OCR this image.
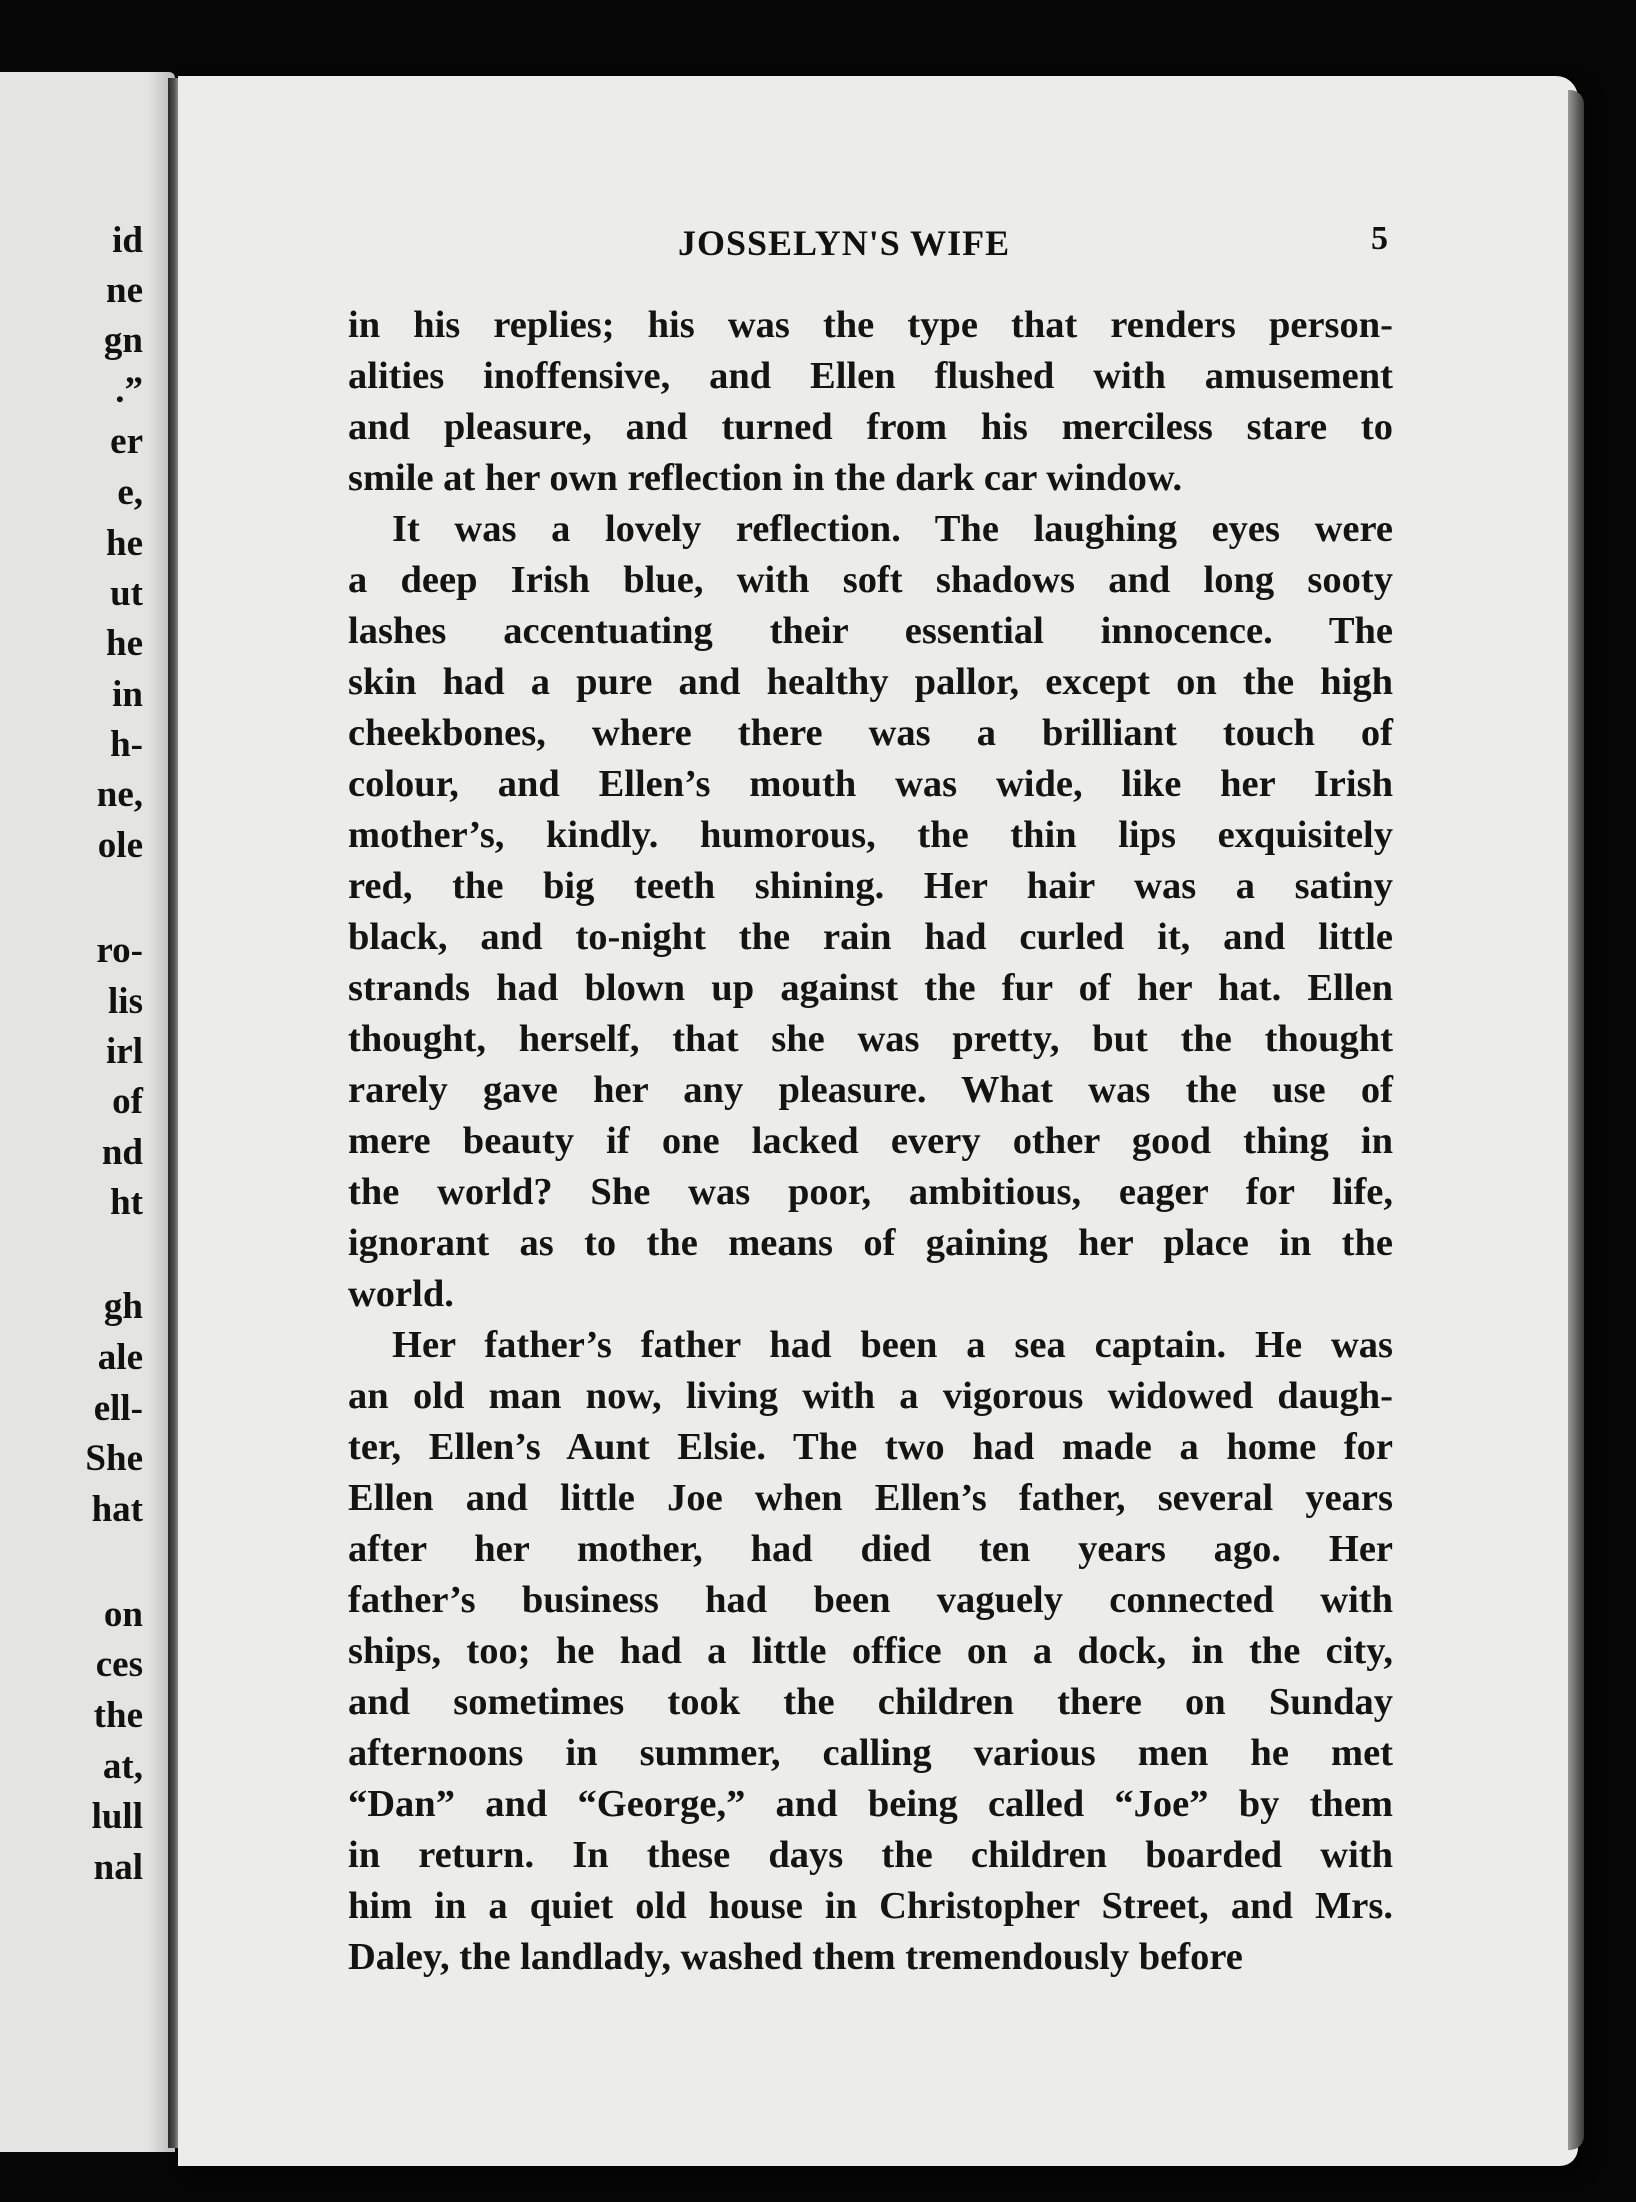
id
ne
gn
.”
er
e,
he
ut
he
in
h-
ne,
ole
ro-
lis
irl
of
nd
ht
gh
ale
ell-
She
hat
on
ces
the
at,
lull
nal
JOSSELYN'S WIFE	5
in his replies; his was the type that renders person-
alities inoffensive, and Ellen flushed with amusement
and pleasure, and turned from his merciless stare to
smile at her own reflection in the dark car window.
It was a lovely reflection. The laughing eyes were
a deep Irish blue, with soft shadows and long sooty
lashes accentuating their essential innocence. The
skin had a pure and healthy pallor, except on the high
cheekbones, where there was a brilliant touch of
colour, and Ellen’s mouth was wide, like her Irish
mother’s, kindly. humorous, the thin lips exquisitely
red, the big teeth shining. Her hair was a satiny
black, and to-night the rain had curled it, and little
strands had blown up against the fur of her hat. Ellen
thought, herself, that she was pretty, but the thought
rarely gave her any pleasure. What was the use of
mere beauty if one lacked every other good thing in
the world? She was poor, ambitious, eager for life,
ignorant as to the means of gaining her place in the
world.
Her father’s father had been a sea captain. He was
an old man now, living with a vigorous widowed daugh-
ter, Ellen’s Aunt Elsie. The two had made a home for
Ellen and little Joe when Ellen’s father, several years
after her mother, had died ten years ago. Her
father’s business had been vaguely connected with
ships, too; he had a little office on a dock, in the city,
and sometimes took the children there on Sunday
afternoons in summer, calling various men he met
“Dan” and “George,” and being called “Joe” by them
in return. In these days the children boarded with
him in a quiet old house in Christopher Street, and Mrs.
Daley, the landlady, washed them tremendously before
